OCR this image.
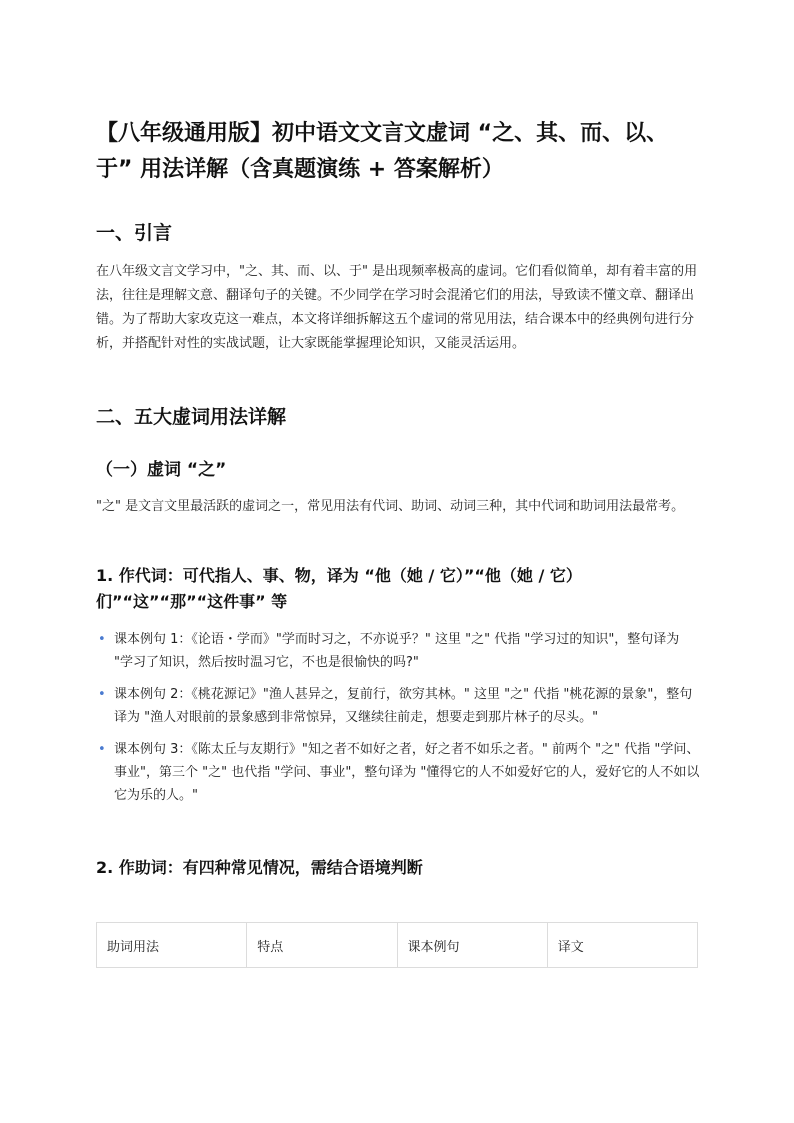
【八年级通用版】初中语文文言文虚词 “之、其、而、以、于” 用法详解（含真题演练 + 答案解析）
一、引言
在八年级文言文学习中，"之、其、而、以、于" 是出现频率极高的虚词。它们看似简单，却有着丰富的用法，往往是理解文意、翻译句子的关键。不少同学在学习时会混淆它们的用法，导致读不懂文章、翻译出错。为了帮助大家攻克这一难点，本文将详细拆解这五个虚词的常见用法，结合课本中的经典例句进行分析，并搭配针对性的实战试题，让大家既能掌握理论知识，又能灵活运用。
二、五大虚词用法详解
（一）虚词 “之”
"之" 是文言文里最活跃的虚词之一，常见用法有代词、助词、动词三种，其中代词和助词用法最常考。
1. 作代词：可代指人、事、物，译为 “他（她 / 它）”“他（她 / 它）们”“这”“那”“这件事” 等
• 课本例句 1：《论语・学而》"学而时习之，不亦说乎？" 这里 "之" 代指 "学习过的知识"，整句译为 "学习了知识，然后按时温习它，不也是很愉快的吗?"
• 课本例句 2：《桃花源记》"渔人甚异之，复前行，欲穷其林。" 这里 "之" 代指 "桃花源的景象"，整句译为 "渔人对眼前的景象感到非常惊异，又继续往前走，想要走到那片林子的尽头。"
• 课本例句 3：《陈太丘与友期行》"知之者不如好之者，好之者不如乐之者。" 前两个 "之" 代指 "学问、事业"，第三个 "之" 也代指 "学问、事业"，整句译为 "懂得它的人不如爱好它的人，爱好它的人不如以它为乐的人。"
2. 作助词：有四种常见情况，需结合语境判断
助词用法	特点	课本例句	译文
